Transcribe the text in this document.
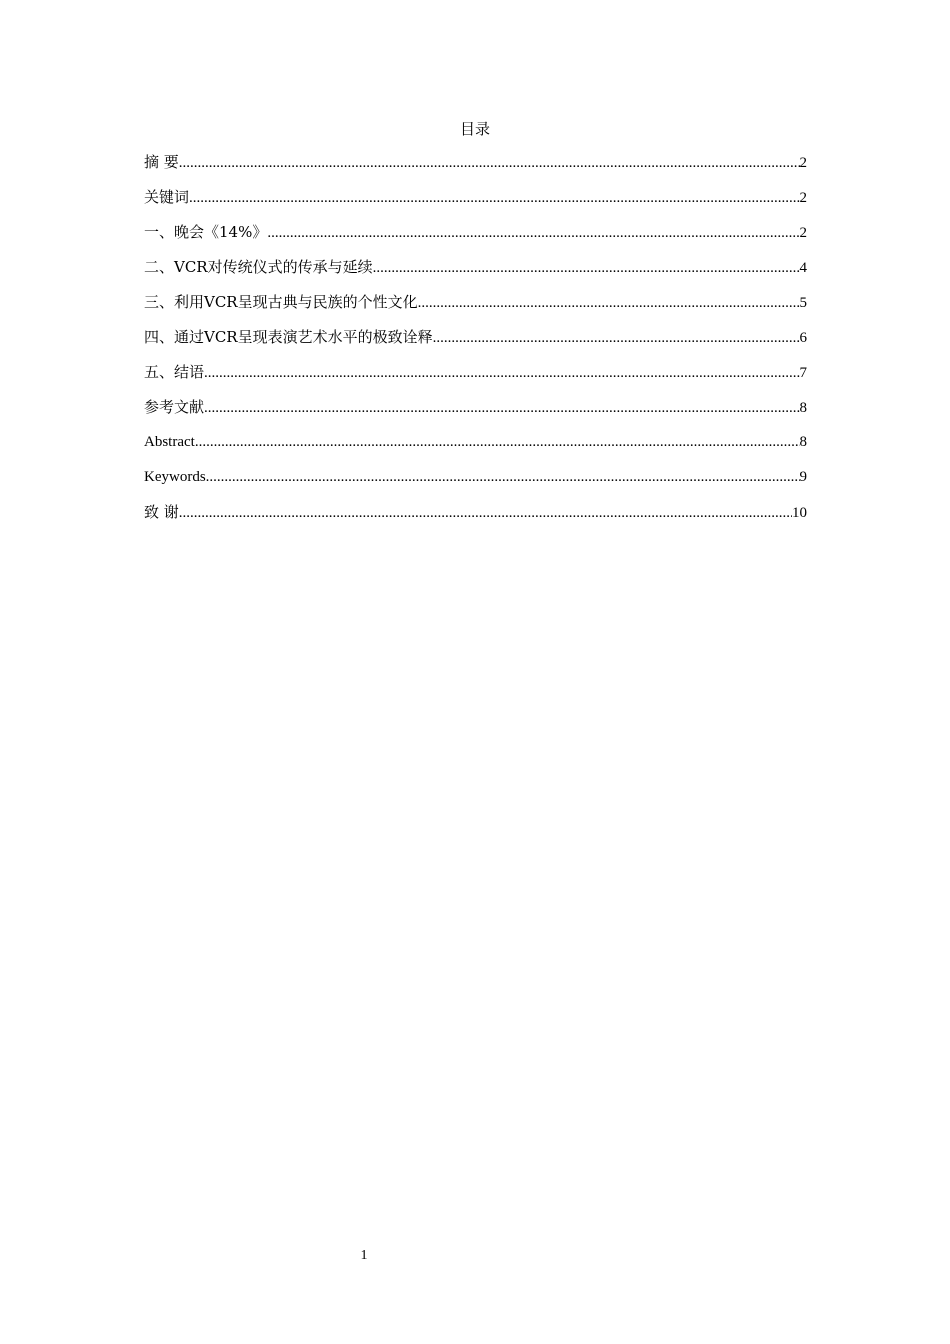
目录
摘 要 .....	2
关键词 .....	2
一、晚会《14%》 .....	2
二、VCR对传统仪式的传承与延续 .....	4
三、利用VCR呈现古典与民族的个性文化 .....	5
四、通过VCR呈现表演艺术水平的极致诠释 .....	6
五、结语 .....	7
参考文献 .....	8
Abstract .....	8
Keywords .....	9
致 谢 .....	10
1
